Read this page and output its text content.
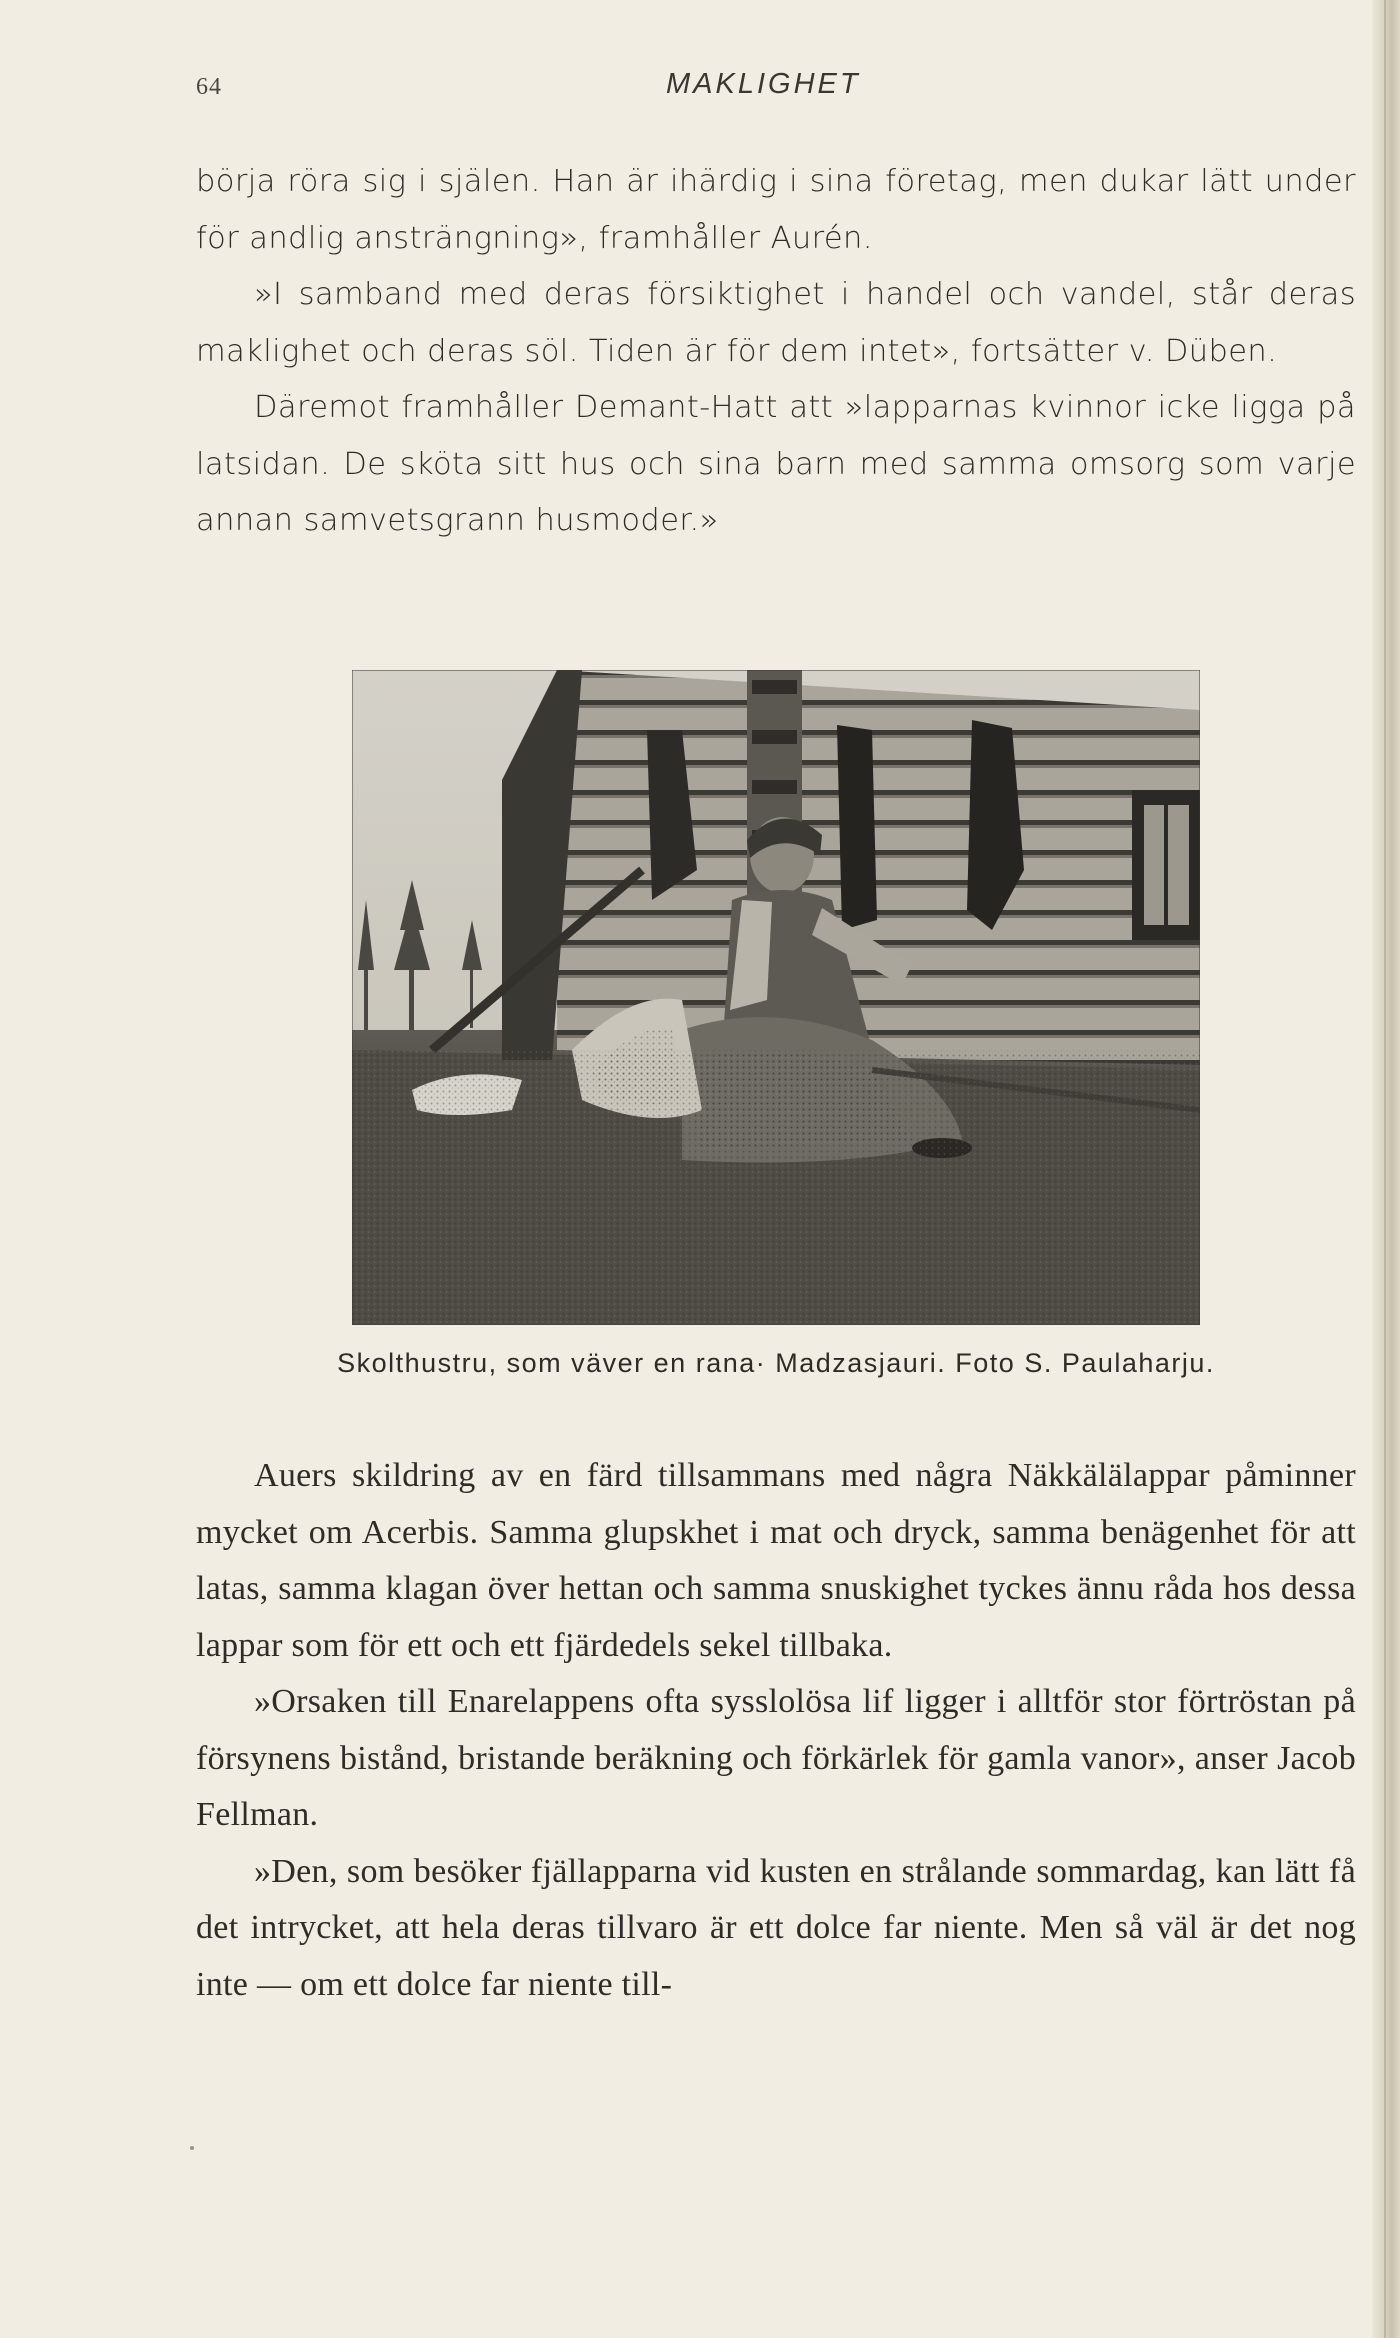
64	MAKLIGHET

börja röra sig i själen. Han är ihärdig i sina företag, men dukar lätt under för andlig ansträngning», framhåller Aurén.

»I samband med deras försiktighet i handel och vandel, står deras maklighet och deras söl. Tiden är för dem intet», fortsätter v. Düben.

Däremot framhåller Demant-Hatt att »lapparnas kvinnor icke ligga på latsidan. De sköta sitt hus och sina barn med samma omsorg som varje annan samvetsgrann husmoder.»

Skolthustru, som väver en rana· Madzasjauri. Foto S. Paulaharju.

Auers skildring av en färd tillsammans med några Näkkälälappar påminner mycket om Acerbis. Samma glupskhet i mat och dryck, samma benägenhet för att latas, samma klagan över hettan och samma snuskighet tyckes ännu råda hos dessa lappar som för ett och ett fjärdedels sekel tillbaka.

»Orsaken till Enarelappens ofta sysslolösa lif ligger i alltför stor förtröstan på försynens bistånd, bristande beräkning och förkärlek för gamla vanor», anser Jacob Fellman.

»Den, som besöker fjällapparna vid kusten en strålande sommardag, kan lätt få det intrycket, att hela deras tillvaro är ett dolce far niente. Men så väl är det nog inte — om ett dolce far niente till-
